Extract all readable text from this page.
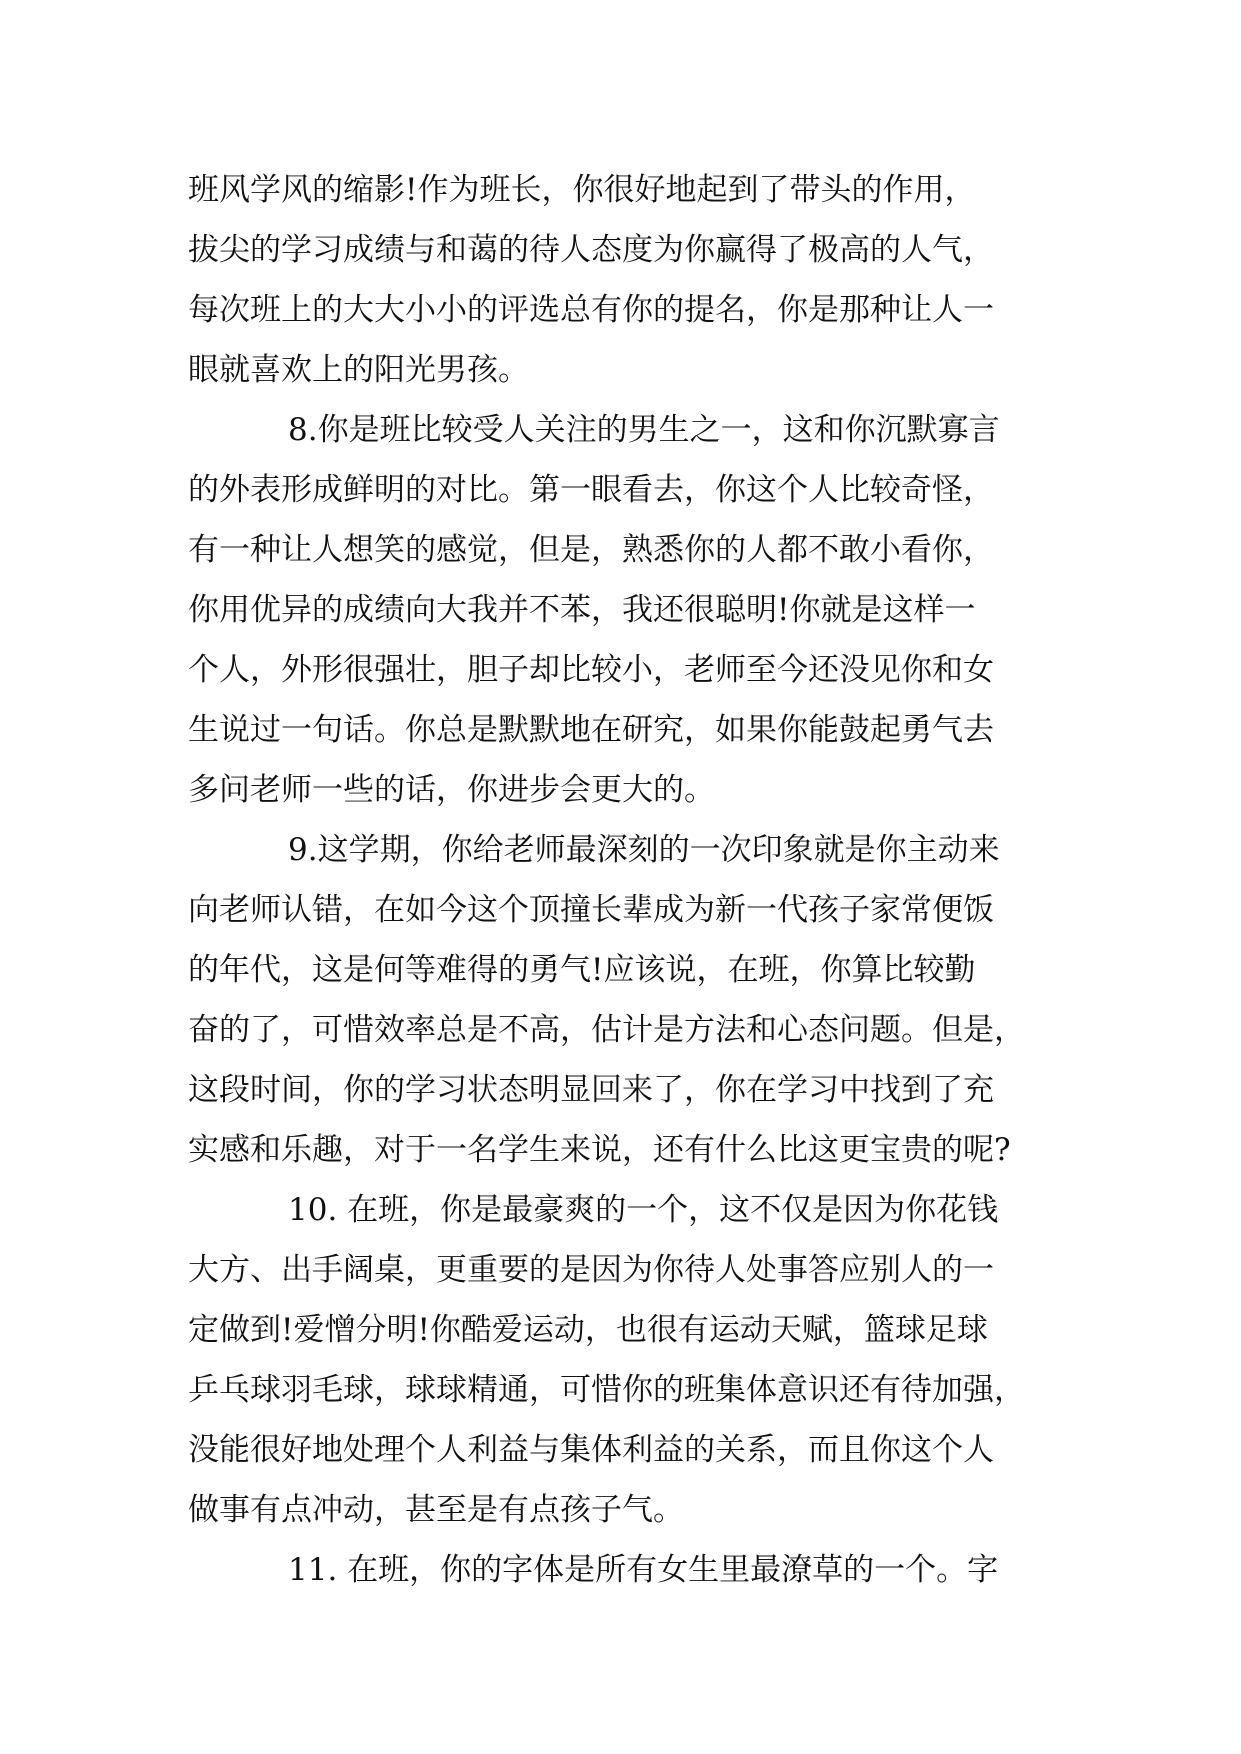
班风学风的缩影!作为班长，你很好地起到了带头的作用，
拔尖的学习成绩与和蔼的待人态度为你赢得了极高的人气，
每次班上的大大小小的评选总有你的提名，你是那种让人一
眼就喜欢上的阳光男孩。
8.你是班比较受人关注的男生之一，这和你沉默寡言
的外表形成鲜明的对比。第一眼看去，你这个人比较奇怪，
有一种让人想笑的感觉，但是，熟悉你的人都不敢小看你，
你用优异的成绩向大我并不苯，我还很聪明!你就是这样一
个人，外形很强壮，胆子却比较小，老师至今还没见你和女
生说过一句话。你总是默默地在研究，如果你能鼓起勇气去
多问老师一些的话，你进步会更大的。
9.这学期，你给老师最深刻的一次印象就是你主动来
向老师认错，在如今这个顶撞长辈成为新一代孩子家常便饭
的年代，这是何等难得的勇气!应该说，在班，你算比较勤
奋的了，可惜效率总是不高，估计是方法和心态问题。但是，
这段时间，你的学习状态明显回来了，你在学习中找到了充
实感和乐趣，对于一名学生来说，还有什么比这更宝贵的呢?
10. 在班，你是最豪爽的一个，这不仅是因为你花钱
大方、出手阔桌，更重要的是因为你待人处事答应别人的一
定做到!爱憎分明!你酷爱运动，也很有运动天赋，篮球足球
乒乓球羽毛球，球球精通，可惜你的班集体意识还有待加强，
没能很好地处理个人利益与集体利益的关系，而且你这个人
做事有点冲动，甚至是有点孩子气。
11. 在班，你的字体是所有女生里最潦草的一个。字
